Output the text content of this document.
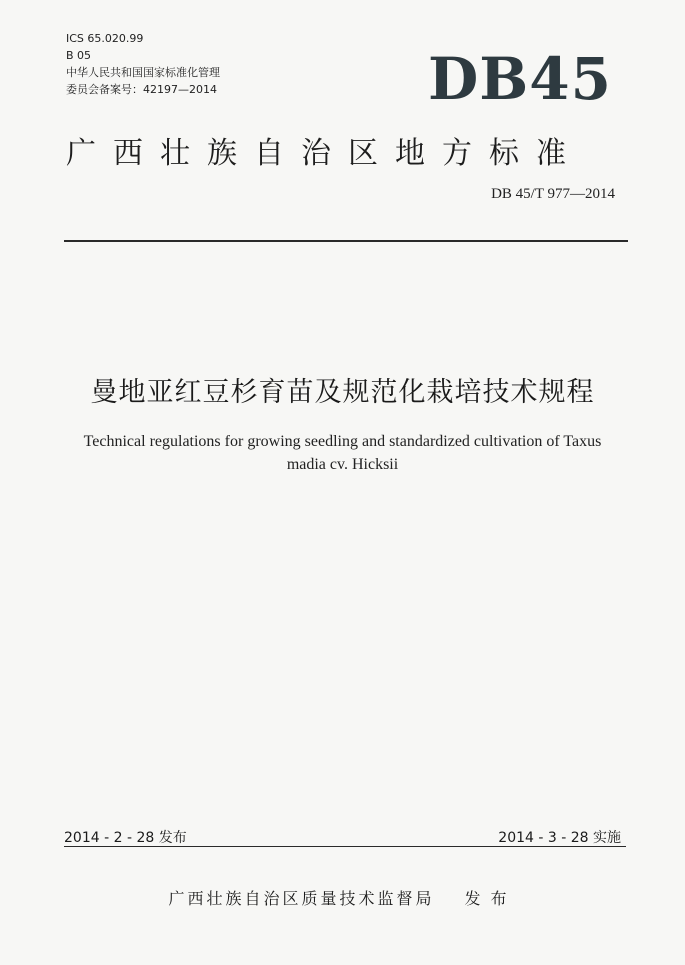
ICS 65.020.99
B 05
中华人民共和国国家标准化管理
委员会备案号：42197—2014	DB45
广西壮族自治区地方标准
DB 45/T 977—2014
曼地亚红豆杉育苗及规范化栽培技术规程
Technical regulations for growing seedling and standardized cultivation of Taxus
madia cv. Hicksii
2014 - 2 - 28 发布	2014 - 3 - 28 实施
广西壮族自治区质量技术监督局 发布
